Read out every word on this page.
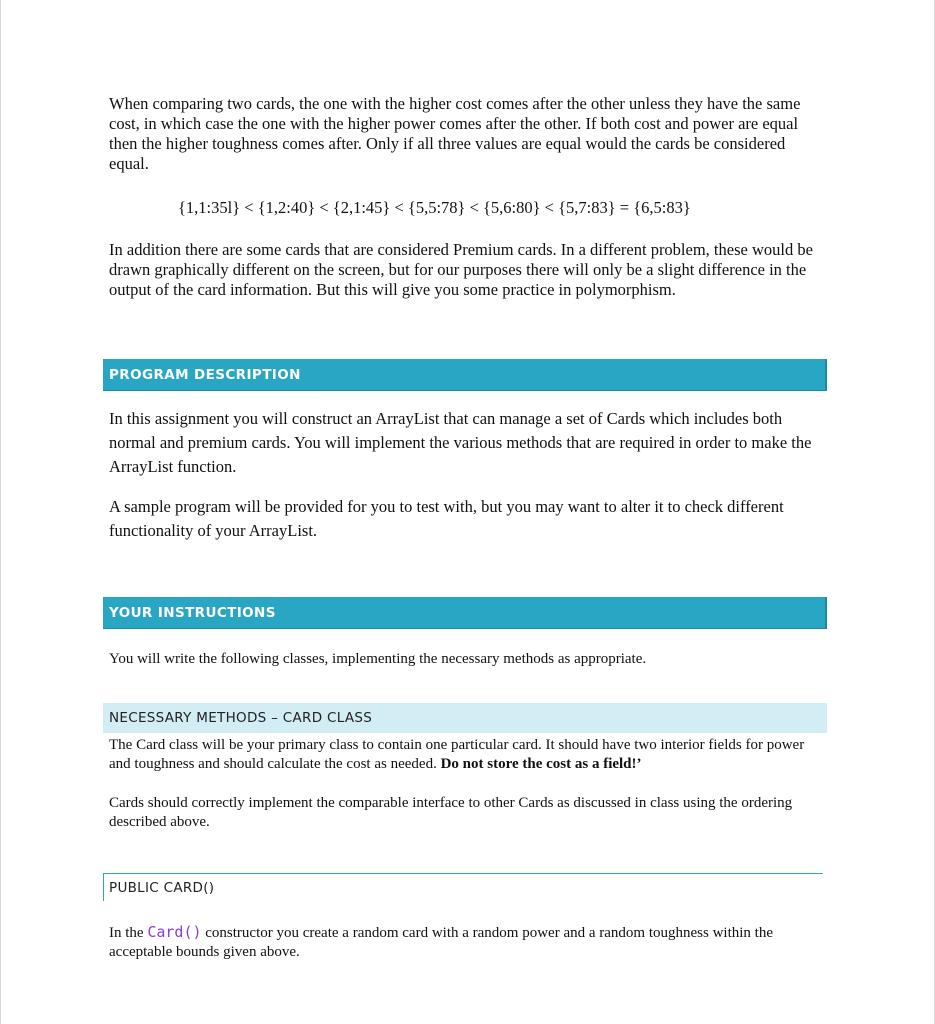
When comparing two cards, the one with the higher cost comes after the other unless they have the same cost, in which case the one with the higher power comes after the other. If both cost and power are equal then the higher toughness comes after. Only if all three values are equal would the cards be considered equal.

{1,1:35l} < {1,2:40} < {2,1:45} < {5,5:78} < {5,6:80} < {5,7:83} = {6,5:83}

In addition there are some cards that are considered Premium cards. In a different problem, these would be drawn graphically different on the screen, but for our purposes there will only be a slight difference in the output of the card information. But this will give you some practice in polymorphism.

PROGRAM DESCRIPTION

In this assignment you will construct an ArrayList that can manage a set of Cards which includes both normal and premium cards. You will implement the various methods that are required in order to make the ArrayList function.

A sample program will be provided for you to test with, but you may want to alter it to check different functionality of your ArrayList.

YOUR INSTRUCTIONS

You will write the following classes, implementing the necessary methods as appropriate.

NECESSARY METHODS – CARD CLASS

The Card class will be your primary class to contain one particular card. It should have two interior fields for power and toughness and should calculate the cost as needed. Do not store the cost as a field!’

Cards should correctly implement the comparable interface to other Cards as discussed in class using the ordering described above.

PUBLIC CARD()

In the Card() constructor you create a random card with a random power and a random toughness within the acceptable bounds given above.
